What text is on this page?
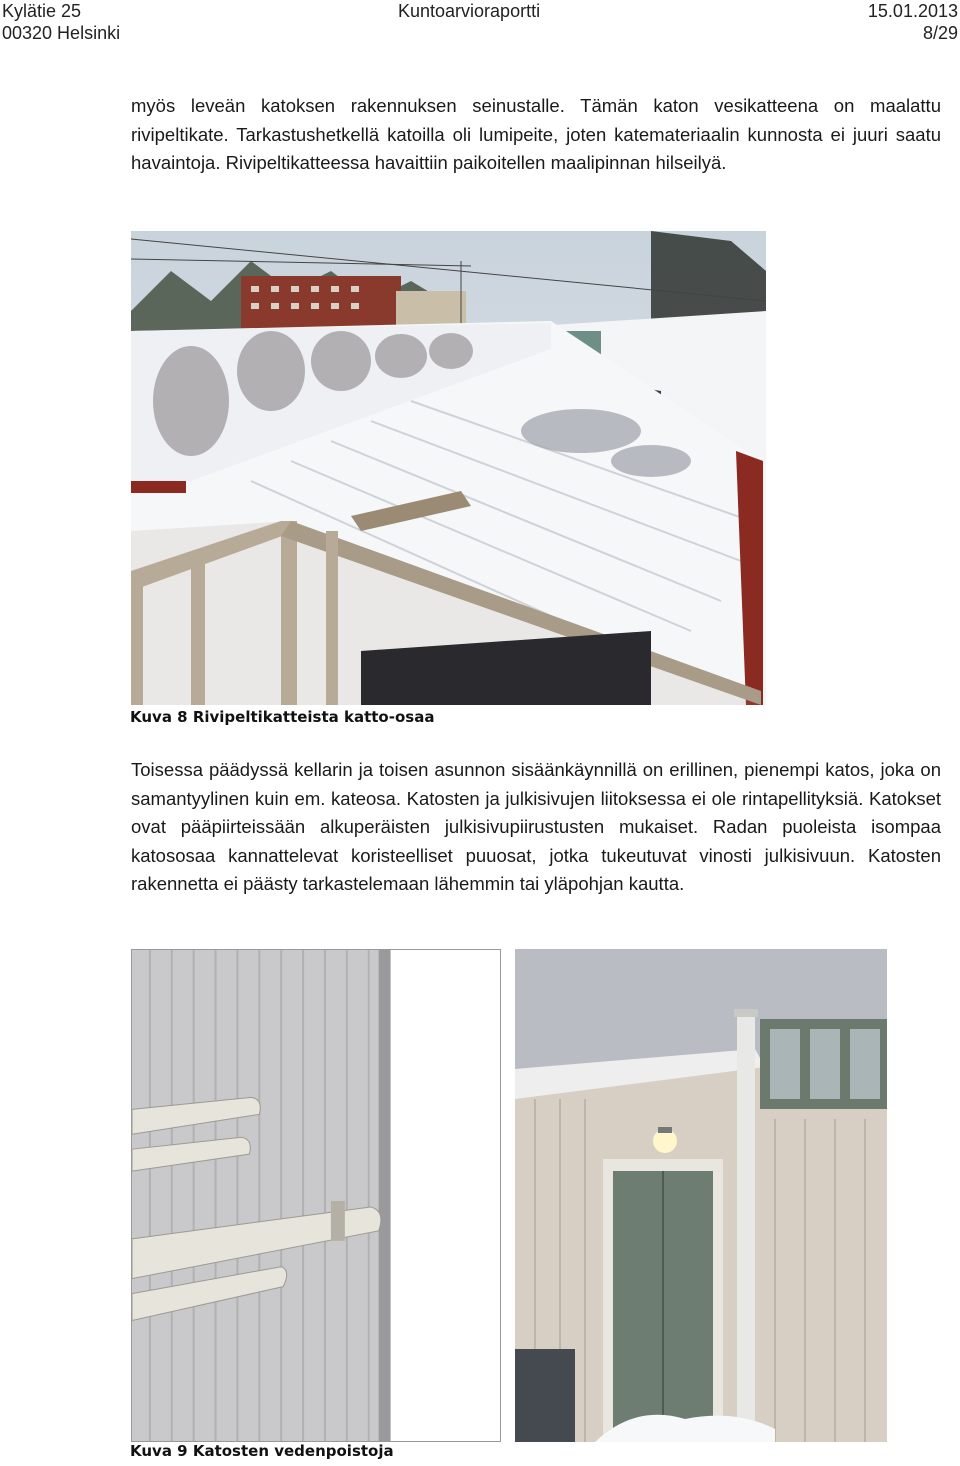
Kylätie 25
00320 Helsinki
Kuntoarvioraportti	15.01.2013
8/29

myös leveän katoksen rakennuksen seinustalle. Tämän katon vesikatteena on maalattu rivipeltikate. Tarkastushetkellä katoilla oli lumipeite, joten katemateriaalin kunnosta ei juuri saatu havaintoja. Rivipeltikatteessa havaittiin paikoitellen maalipinnan hilseilyä.

Kuva 8 Rivipeltikatteista katto-osaa

Toisessa päädyssä kellarin ja toisen asunnon sisäänkäynnillä on erillinen, pienempi katos, joka on samantyylinen kuin em. kateosa. Katosten ja julkisivujen liitoksessa ei ole rintapellityksiä. Katokset ovat pääpiirteissään alkuperäisten julkisivupiirustusten mukaiset. Radan puoleista isompaa katososaa kannattelevat koristeelliset puuosat, jotka tukeutuvat vinosti julkisivuun. Katosten rakennetta ei päästy tarkastelemaan lähemmin tai yläpohjan kautta.

Kuva 9 Katosten vedenpoistoja
